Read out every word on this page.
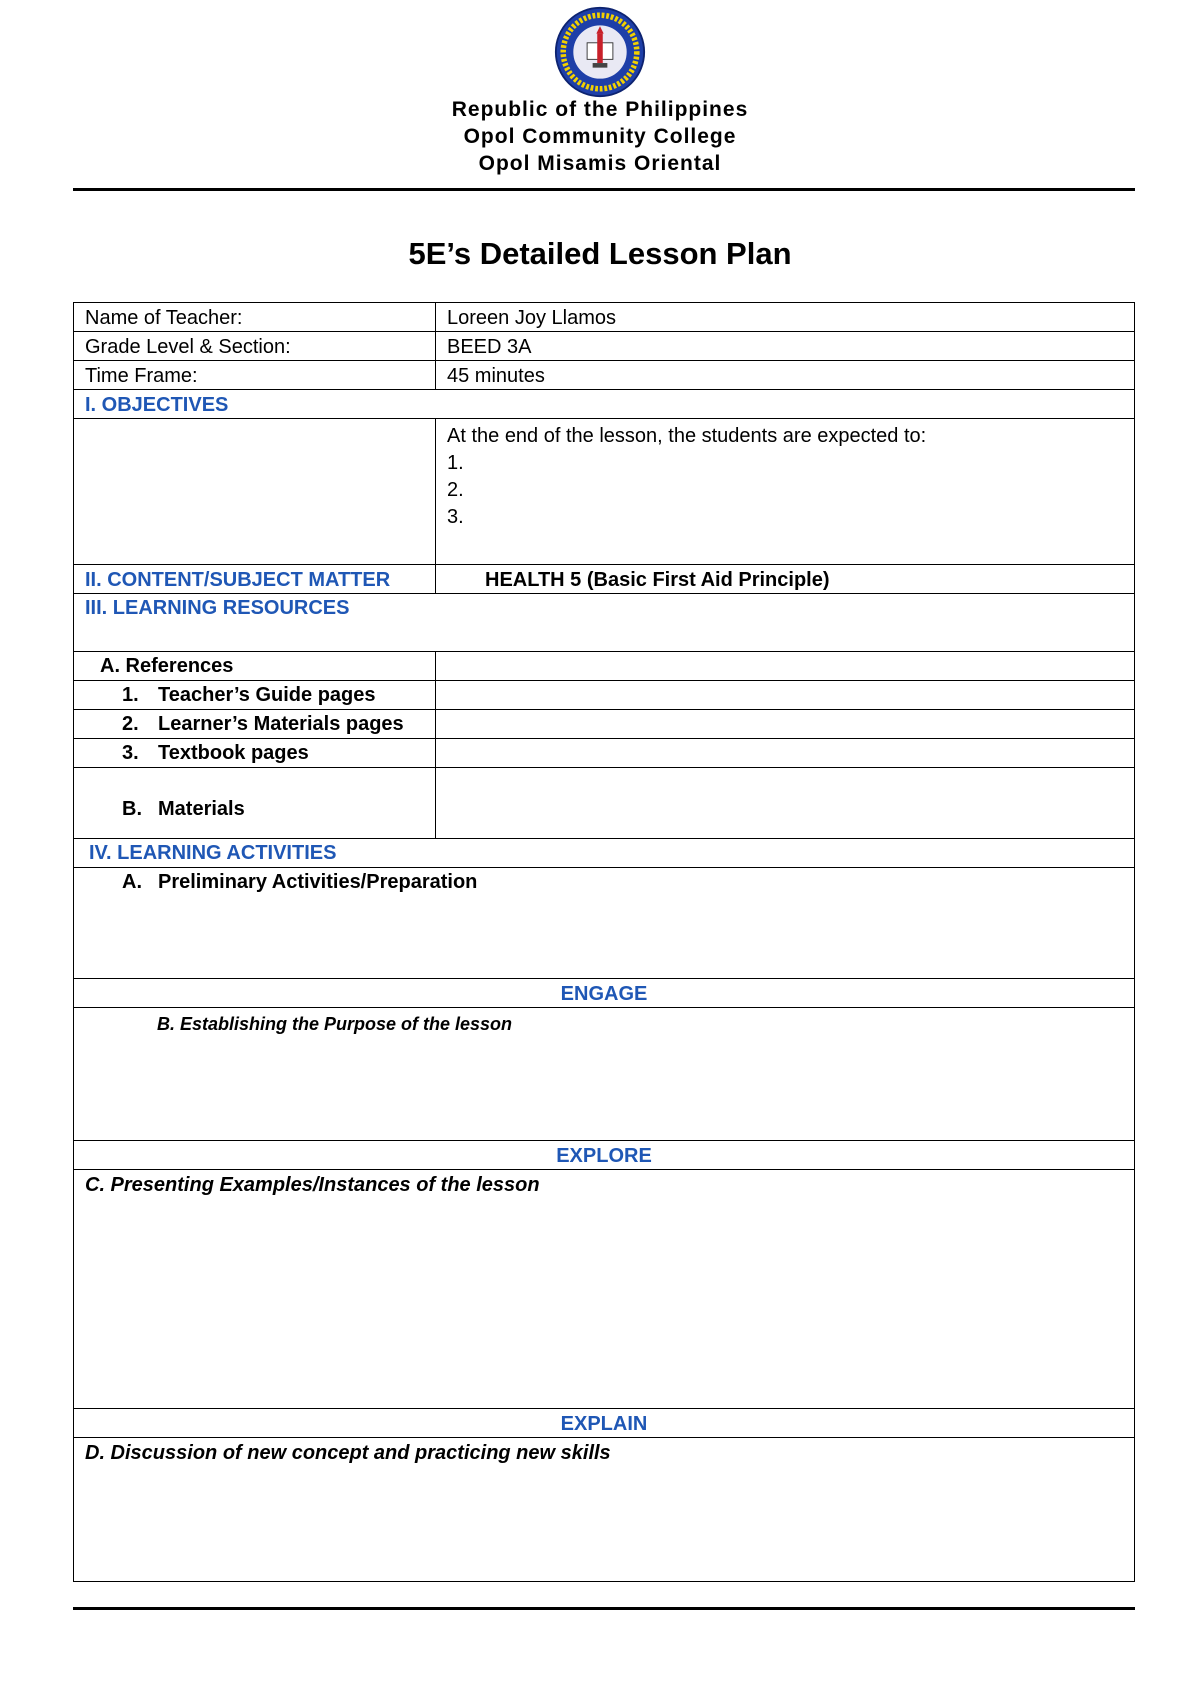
Republic of the Philippines
Opol Community College
Opol Misamis Oriental
5E’s Detailed Lesson Plan
Name of Teacher:	Loreen Joy Llamos
Grade Level & Section:	BEED 3A
Time Frame:	45 minutes
I. OBJECTIVES
At the end of the lesson, the students are expected to:
1.
2.
3.
II. CONTENT/SUBJECT MATTER	HEALTH 5 (Basic First Aid Principle)
III. LEARNING RESOURCES
A. References
1. Teacher’s Guide pages
2. Learner’s Materials pages
3. Textbook pages
B. Materials
IV. LEARNING ACTIVITIES
A. Preliminary Activities/Preparation
ENGAGE
B. Establishing the Purpose of the lesson
EXPLORE
C. Presenting Examples/Instances of the lesson
EXPLAIN
D. Discussion of new concept and practicing new skills
